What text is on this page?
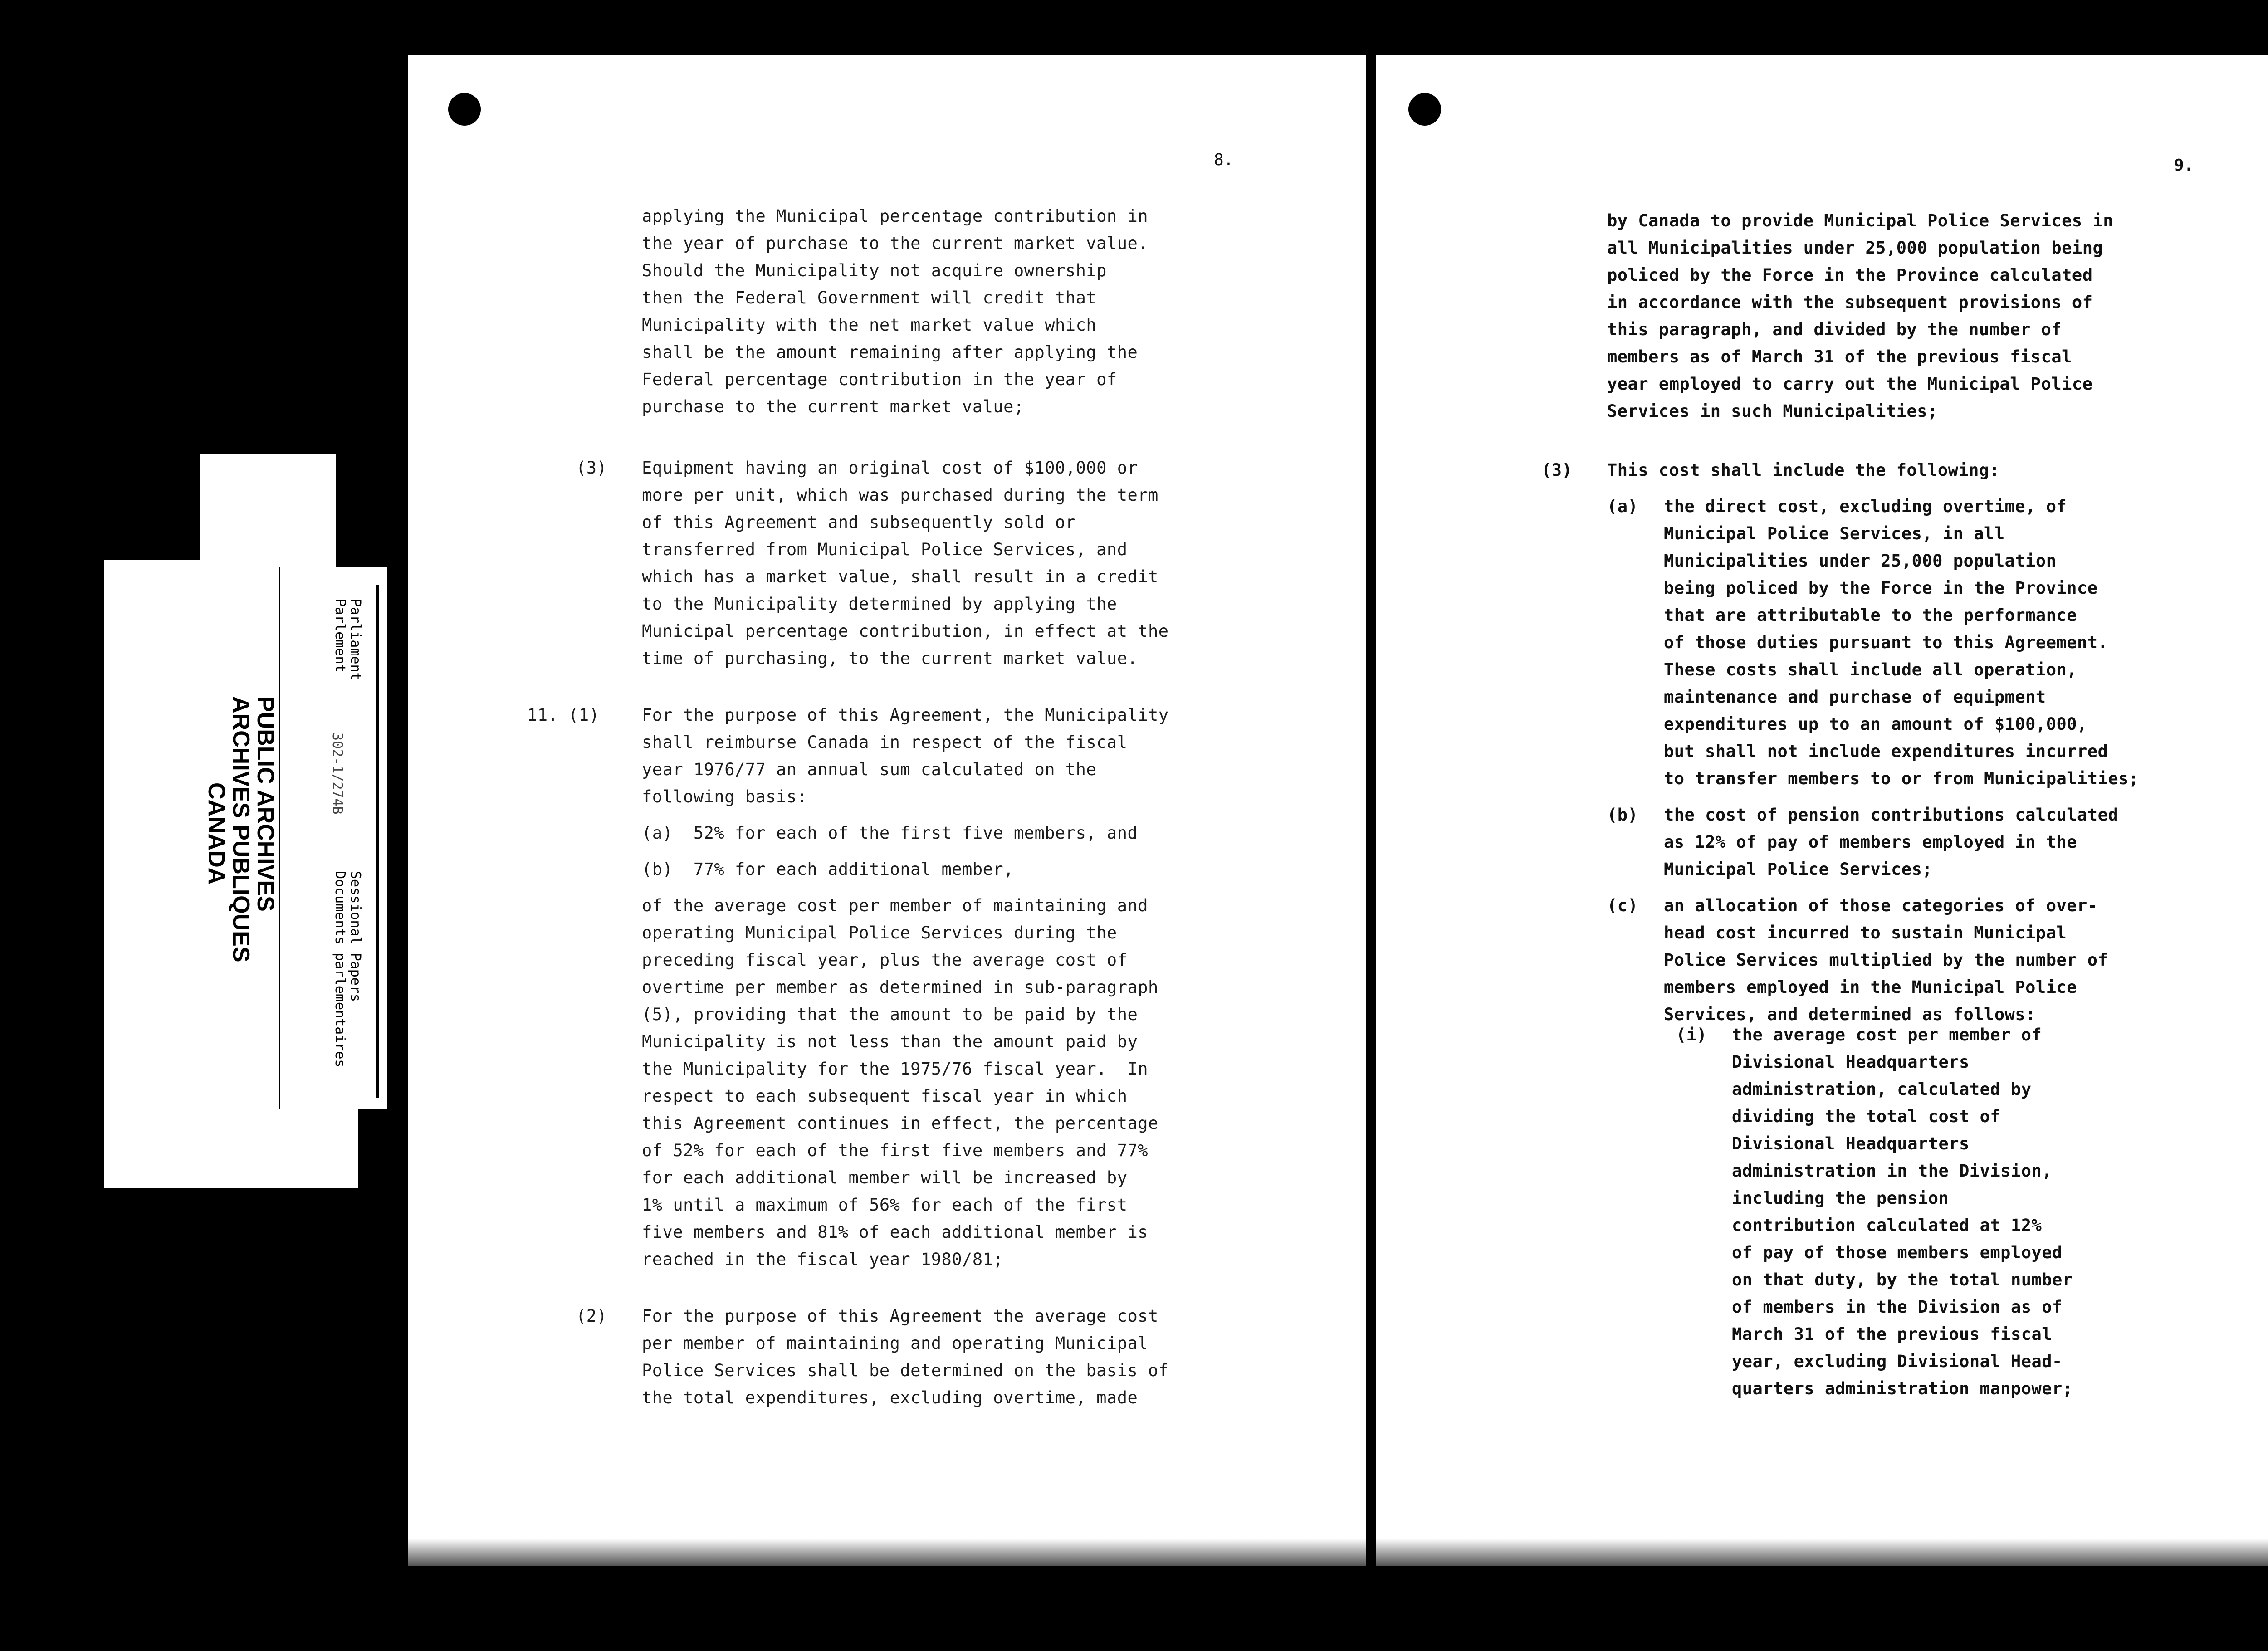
PUBLIC ARCHIVES
ARCHIVES PUBLIQUES
CANADA
Parliament
Parlement
302-1/274B
Sessional Papers
Documents parlementaires
8.
applying the Municipal percentage contribution in
the year of purchase to the current market value.
Should the Municipality not acquire ownership
then the Federal Government will credit that
Municipality with the net market value which
shall be the amount remaining after applying the
Federal percentage contribution in the year of
purchase to the current market value;
(3) Equipment having an original cost of $100,000 or
more per unit, which was purchased during the term
of this Agreement and subsequently sold or
transferred from Municipal Police Services, and
which has a market value, shall result in a credit
to the Municipality determined by applying the
Municipal percentage contribution, in effect at the
time of purchasing, to the current market value.
11. (1)	For the purpose of this Agreement, the Municipality
shall reimburse Canada in respect of the fiscal
year 1976/77 an annual sum calculated on the
following basis:
(a)  52% for each of the first five members, and
(b)  77% for each additional member,
of the average cost per member of maintaining and
operating Municipal Police Services during the
preceding fiscal year, plus the average cost of
overtime per member as determined in sub-paragraph
(5), providing that the amount to be paid by the
Municipality is not less than the amount paid by
the Municipality for the 1975/76 fiscal year.  In
respect to each subsequent fiscal year in which
this Agreement continues in effect, the percentage
of 52% for each of the first five members and 77%
for each additional member will be increased by
1% until a maximum of 56% for each of the first
five members and 81% of each additional member is
reached in the fiscal year 1980/81;
(2) For the purpose of this Agreement the average cost
per member of maintaining and operating Municipal
Police Services shall be determined on the basis of
the total expenditures, excluding overtime, made
9.
by Canada to provide Municipal Police Services in
all Municipalities under 25,000 population being
policed by the Force in the Province calculated
in accordance with the subsequent provisions of
this paragraph, and divided by the number of
members as of March 31 of the previous fiscal
year employed to carry out the Municipal Police
Services in such Municipalities;
(3) This cost shall include the following:
(a) the direct cost, excluding overtime, of
Municipal Police Services, in all
Municipalities under 25,000 population
being policed by the Force in the Province
that are attributable to the performance
of those duties pursuant to this Agreement.
These costs shall include all operation,
maintenance and purchase of equipment
expenditures up to an amount of $100,000,
but shall not include expenditures incurred
to transfer members to or from Municipalities;
(b) the cost of pension contributions calculated
as 12% of pay of members employed in the
Municipal Police Services;
(c) an allocation of those categories of over-
head cost incurred to sustain Municipal
Police Services multiplied by the number of
members employed in the Municipal Police
Services, and determined as follows:
(i) the average cost per member of
Divisional Headquarters
administration, calculated by
dividing the total cost of
Divisional Headquarters
administration in the Division,
including the pension
contribution calculated at 12%
of pay of those members employed
on that duty, by the total number
of members in the Division as of
March 31 of the previous fiscal
year, excluding Divisional Head-
quarters administration manpower;
